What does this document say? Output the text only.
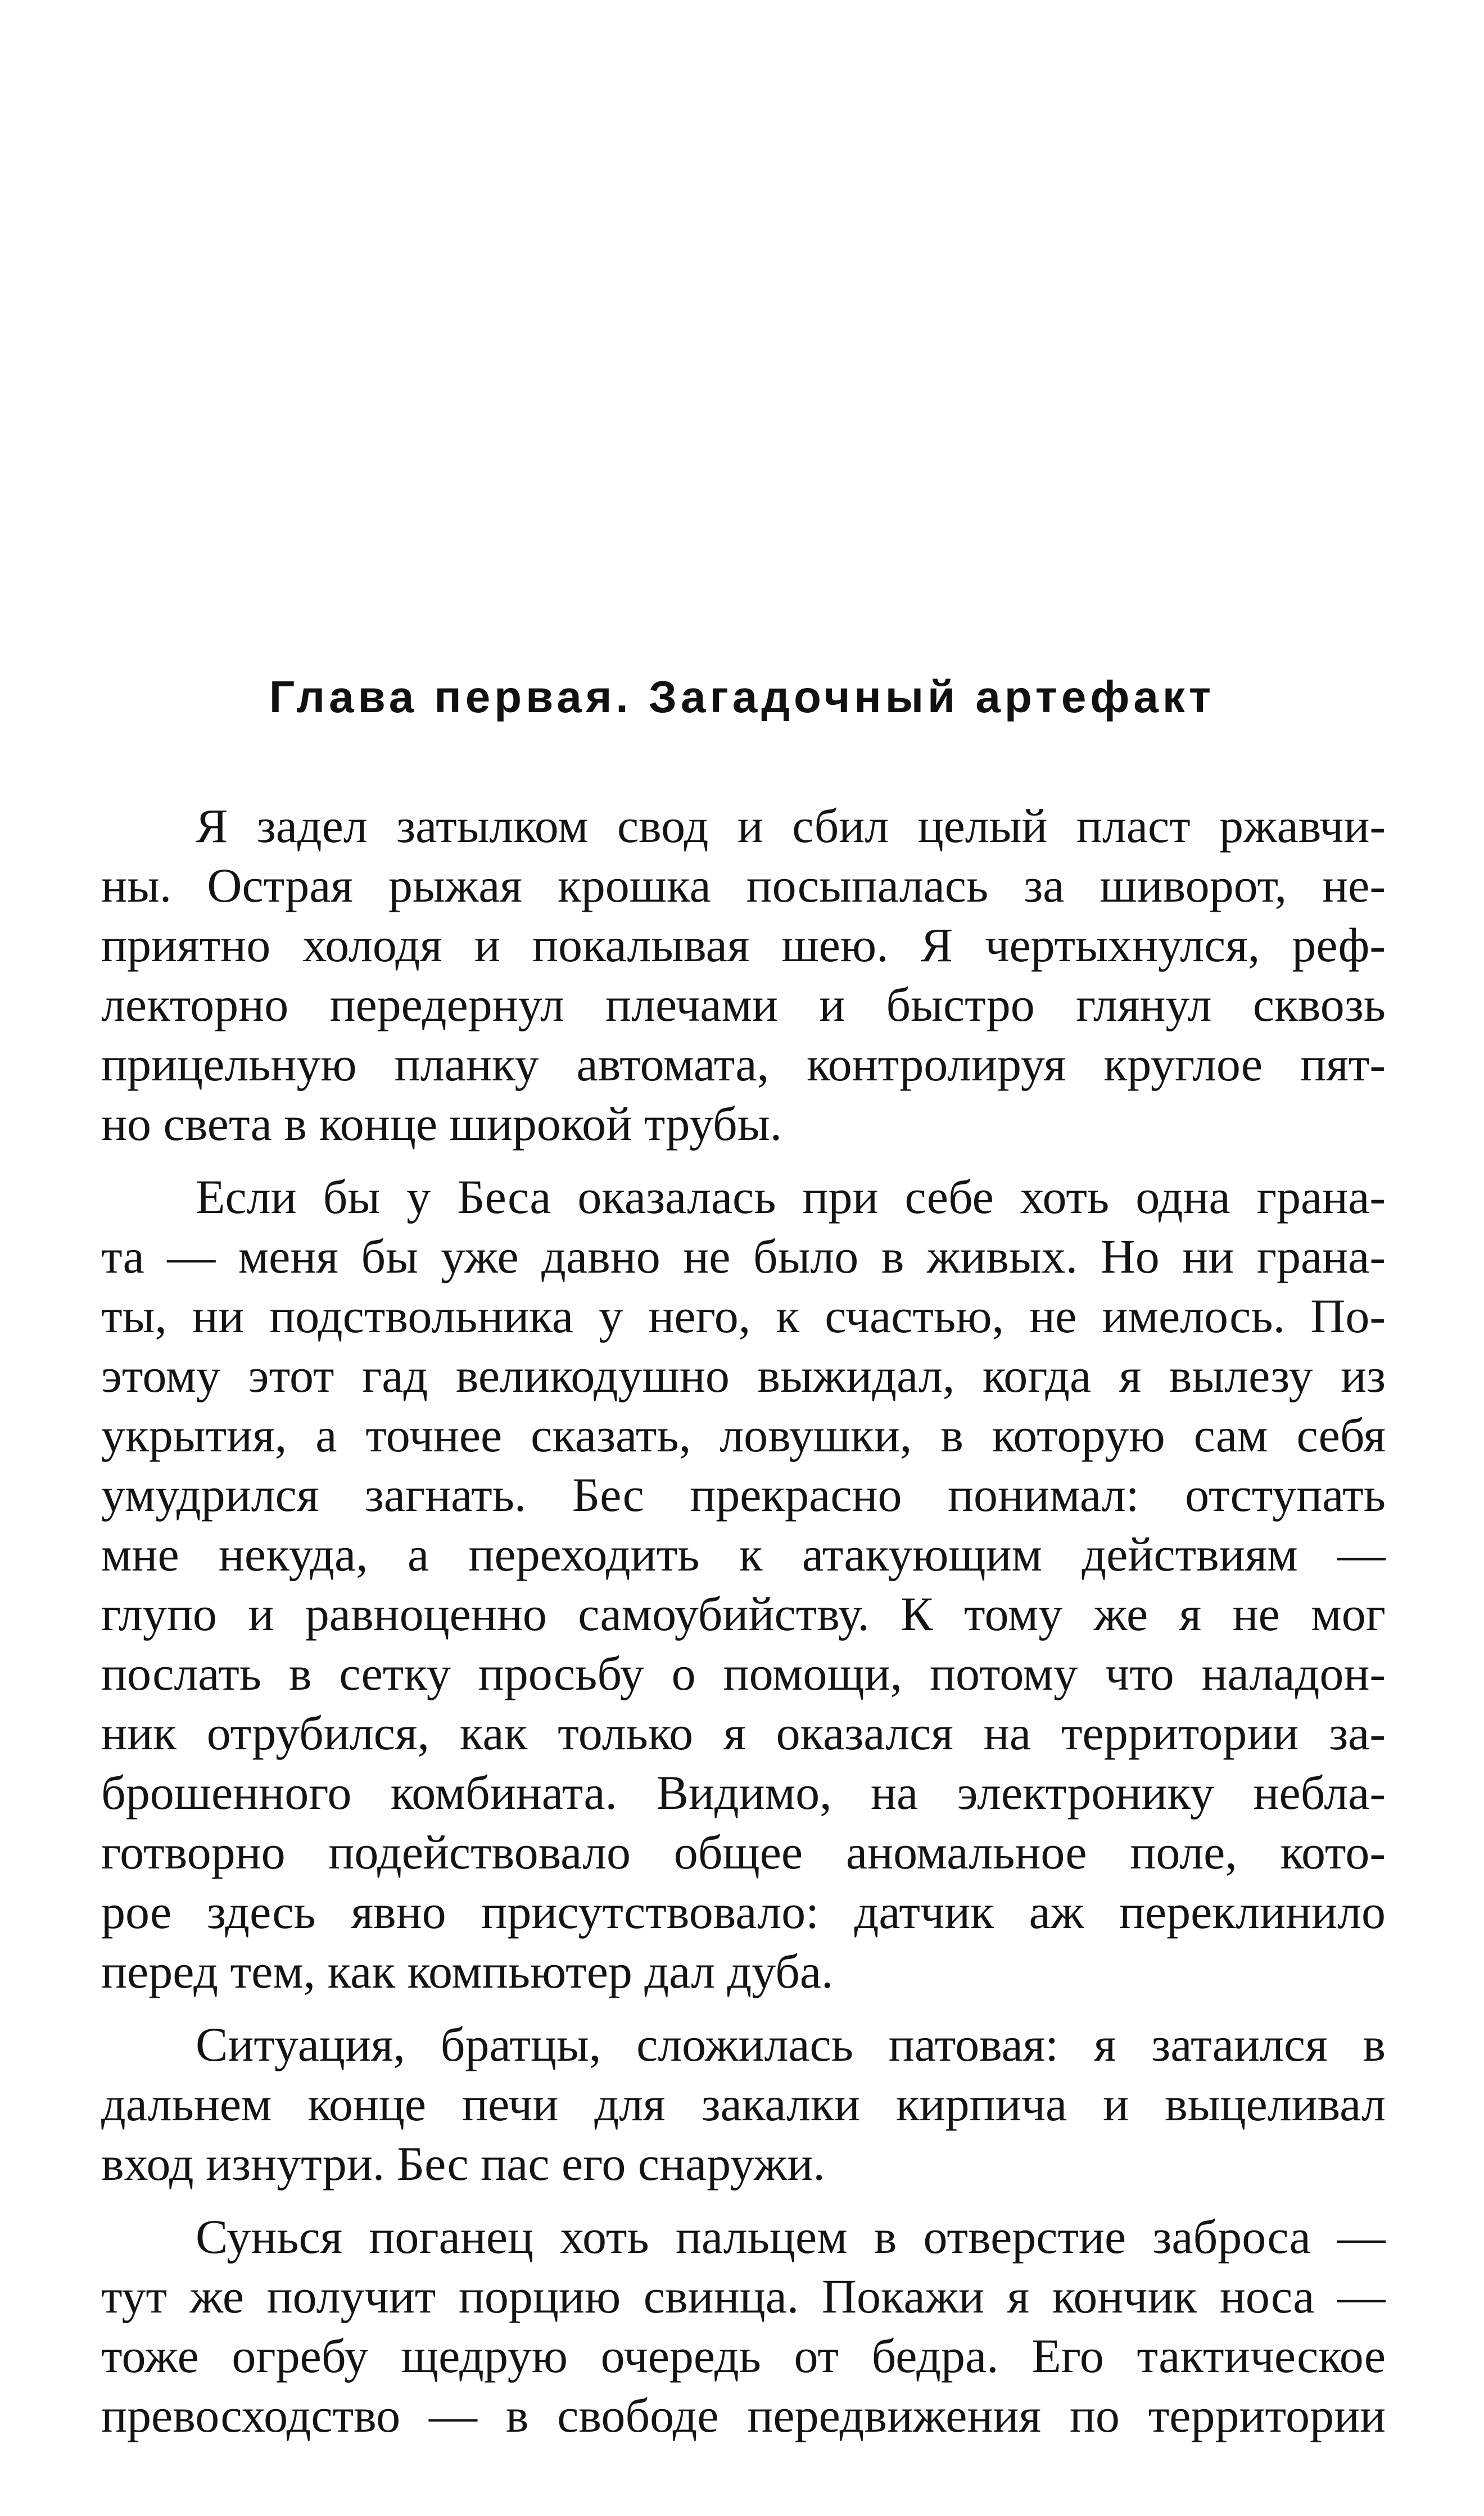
Глава первая. Загадочный артефакт

Я задел затылком свод и сбил целый пласт ржавчи-
ны. Острая рыжая крошка посыпалась за шиворот, не-
приятно холодя и покалывая шею. Я чертыхнулся, реф-
лекторно передернул плечами и быстро глянул сквозь
прицельную планку автомата, контролируя круглое пят-
но света в конце широкой трубы.

Если бы у Беса оказалась при себе хоть одна грана-
та — меня бы уже давно не было в живых. Но ни грана-
ты, ни подствольника у него, к счастью, не имелось. По-
этому этот гад великодушно выжидал, когда я вылезу из
укрытия, а точнее сказать, ловушки, в которую сам себя
умудрился загнать. Бес прекрасно понимал: отступать
мне некуда, а переходить к атакующим действиям —
глупо и равноценно самоубийству. К тому же я не мог
послать в сетку просьбу о помощи, потому что наладон-
ник отрубился, как только я оказался на территории за-
брошенного комбината. Видимо, на электронику небла-
готворно подействовало общее аномальное поле, кото-
рое здесь явно присутствовало: датчик аж переклинило
перед тем, как компьютер дал дуба.

Ситуация, братцы, сложилась патовая: я затаился в
дальнем конце печи для закалки кирпича и выцеливал
вход изнутри. Бес пас его снаружи.

Сунься поганец хоть пальцем в отверстие заброса —
тут же получит порцию свинца. Покажи я кончик носа —
тоже огребу щедрую очередь от бедра. Его тактическое
превосходство — в свободе передвижения по территории
